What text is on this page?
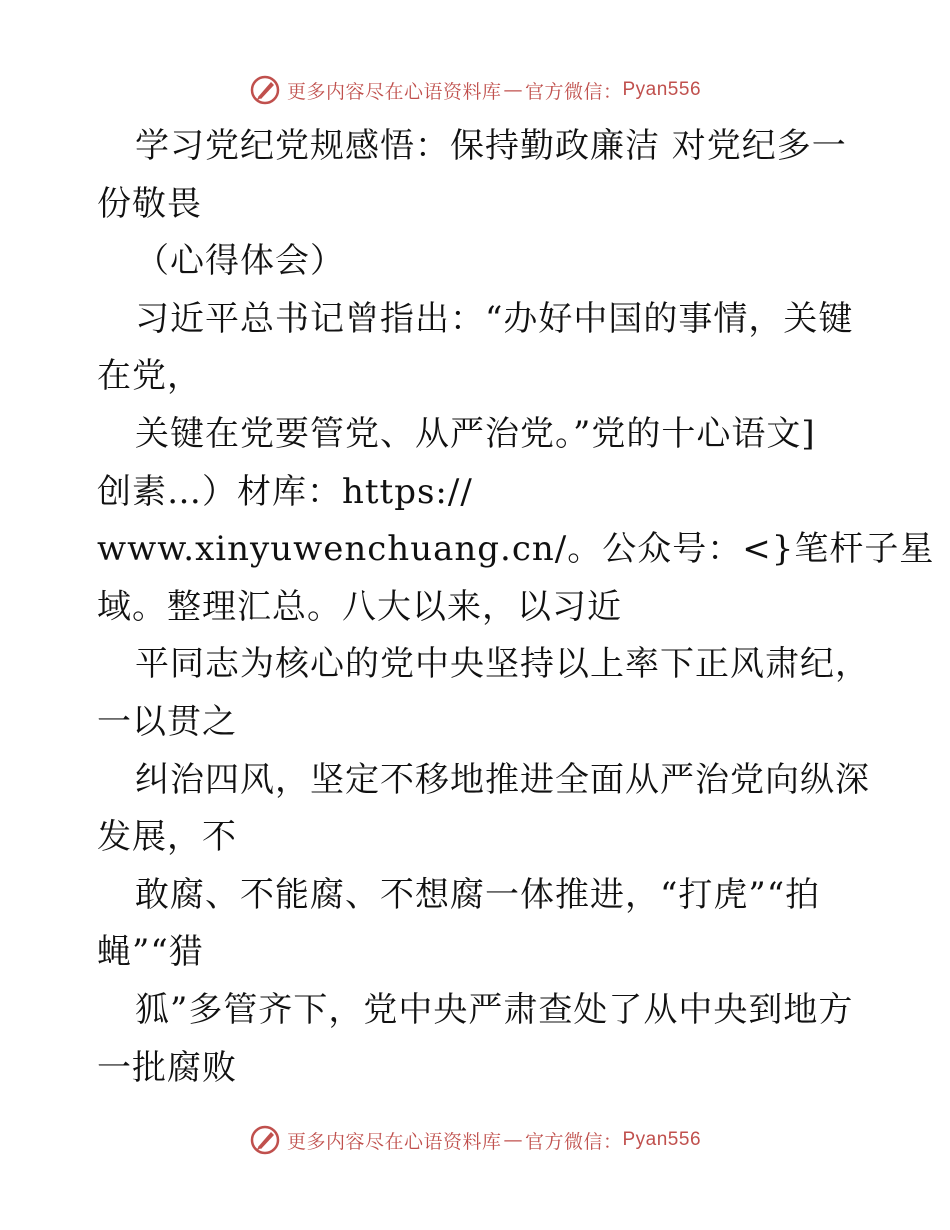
更多内容尽在心语资料库 — 官方微信： Pyan556
学习党纪党规感悟：保持勤政廉洁 对党纪多一
份敬畏
（心得体会）
习近平总书记曾指出：“办好中国的事情，关键
在党，
关键在党要管党、从严治党。”党的十心语文]
创素…）材库：https://
www.xinyuwenchuang.cn/。公众号：<}笔杆子星
域。整理汇总。八大以来，以习近
平同志为核心的党中央坚持以上率下正风肃纪，
一以贯之
纠治四风，坚定不移地推进全面从严治党向纵深
发展，不
敢腐、不能腐、不想腐一体推进，“打虎”“拍
蝇”“猎
狐”多管齐下，党中央严肃查处了从中央到地方
一批腐败
更多内容尽在心语资料库 — 官方微信： Pyan556
